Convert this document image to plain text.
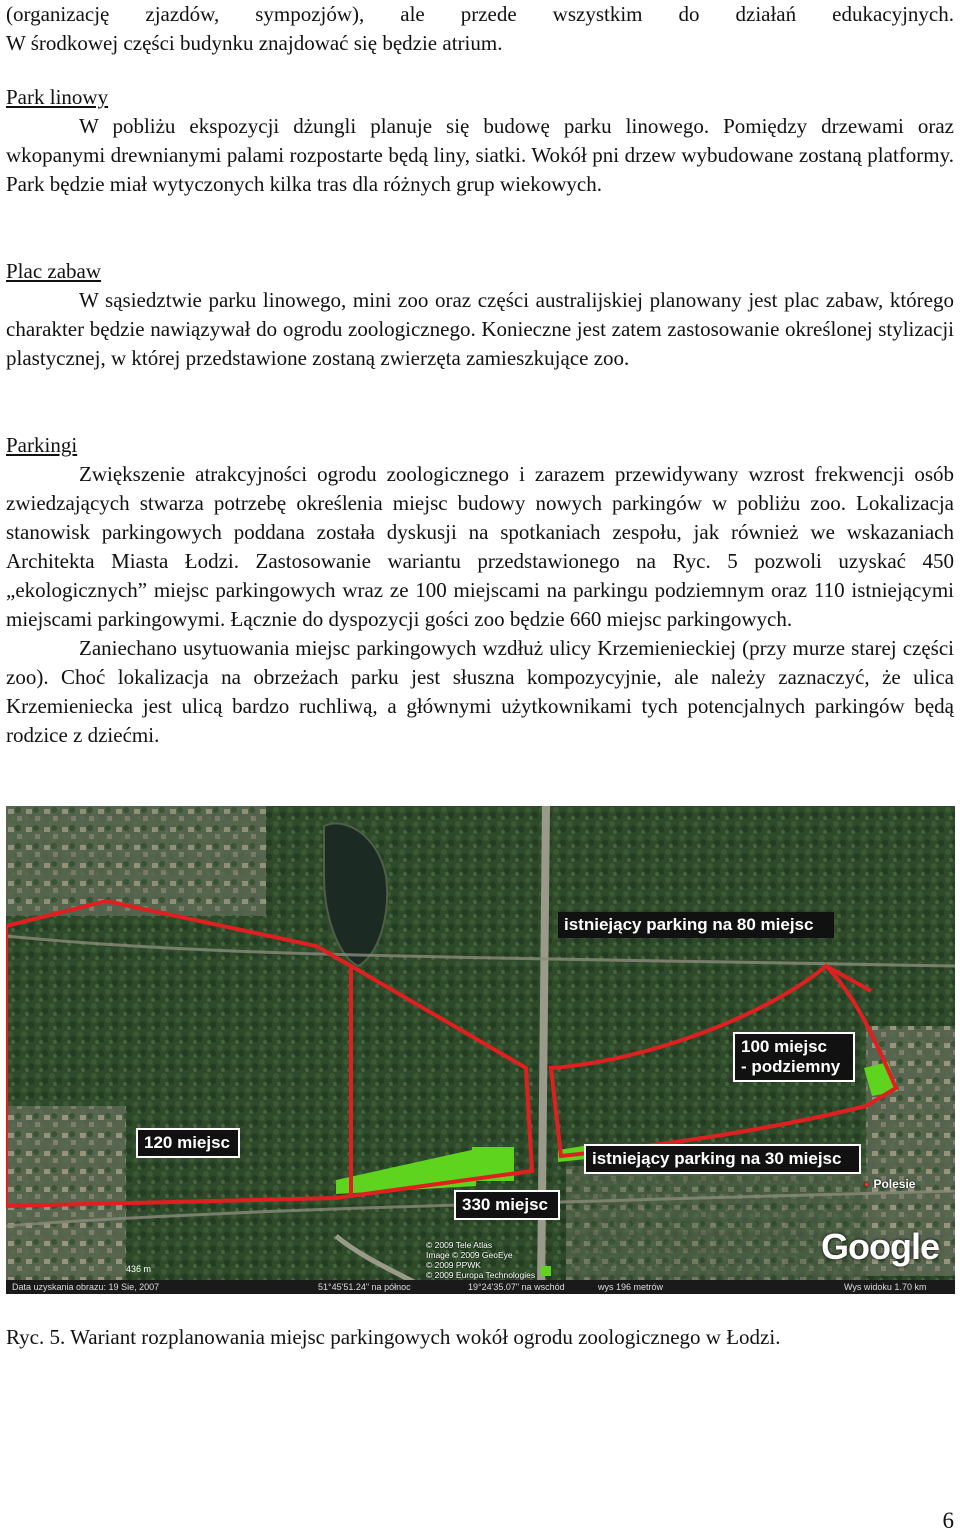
(organizację zjazdów, sympozjów), ale przede wszystkim do działań edukacyjnych.

W środkowej części budynku znajdować się będzie atrium.

Park linowy

W pobliżu ekspozycji dżungli planuje się budowę parku linowego. Pomiędzy drzewami oraz wkopanymi drewnianymi palami rozpostarte będą liny, siatki. Wokół pni drzew wybudowane zostaną platformy. Park będzie miał wytyczonych kilka tras dla różnych grup wiekowych.

Plac zabaw

W sąsiedztwie parku linowego, mini zoo oraz części australijskiej planowany jest plac zabaw, którego charakter będzie nawiązywał do ogrodu zoologicznego. Konieczne jest zatem zastosowanie określonej stylizacji plastycznej, w której przedstawione zostaną zwierzęta zamieszkujące zoo.

Parkingi

Zwiększenie atrakcyjności ogrodu zoologicznego i zarazem przewidywany wzrost frekwencji osób zwiedzających stwarza potrzebę określenia miejsc budowy nowych parkingów w pobliżu zoo. Lokalizacja stanowisk parkingowych poddana została dyskusji na spotkaniach zespołu, jak również we wskazaniach Architekta Miasta Łodzi. Zastosowanie wariantu przedstawionego na Ryc. 5 pozwoli uzyskać 450 „ekologicznych” miejsc parkingowych wraz ze 100 miejscami na parkingu podziemnym oraz 110 istniejącymi miejscami parkingowymi. Łącznie do dyspozycji gości zoo będzie 660 miejsc parkingowych.

Zaniechano usytuowania miejsc parkingowych wzdłuż ulicy Krzemienieckiej (przy murze starej części zoo). Choć lokalizacja na obrzeżach parku jest słuszna kompozycyjnie, ale należy zaznaczyć, że ulica Krzemieniecka jest ulicą bardzo ruchliwą, a głównymi użytkownikami tych potencjalnych parkingów będą rodzice z dziećmi.

istniejący parking na 80 miejsc
100 miejsc
- podziemny
120 miejsc
istniejący parking na 30 miejsc
330 miejsc
● Polesie
Google
© 2009 Tele Atlas
Image © 2009 GeoEye
© 2009 PPWK
© 2009 Europa Technologies
436 m
Data uzyskania obrazu: 19 Sie, 2007	51°45'51.24" na północ	19°24'35.07" na wschód	wys 196 metrów	Wys widoku 1.70 km
Ryc. 5. Wariant rozplanowania miejsc parkingowych wokół ogrodu zoologicznego w Łodzi.
6
